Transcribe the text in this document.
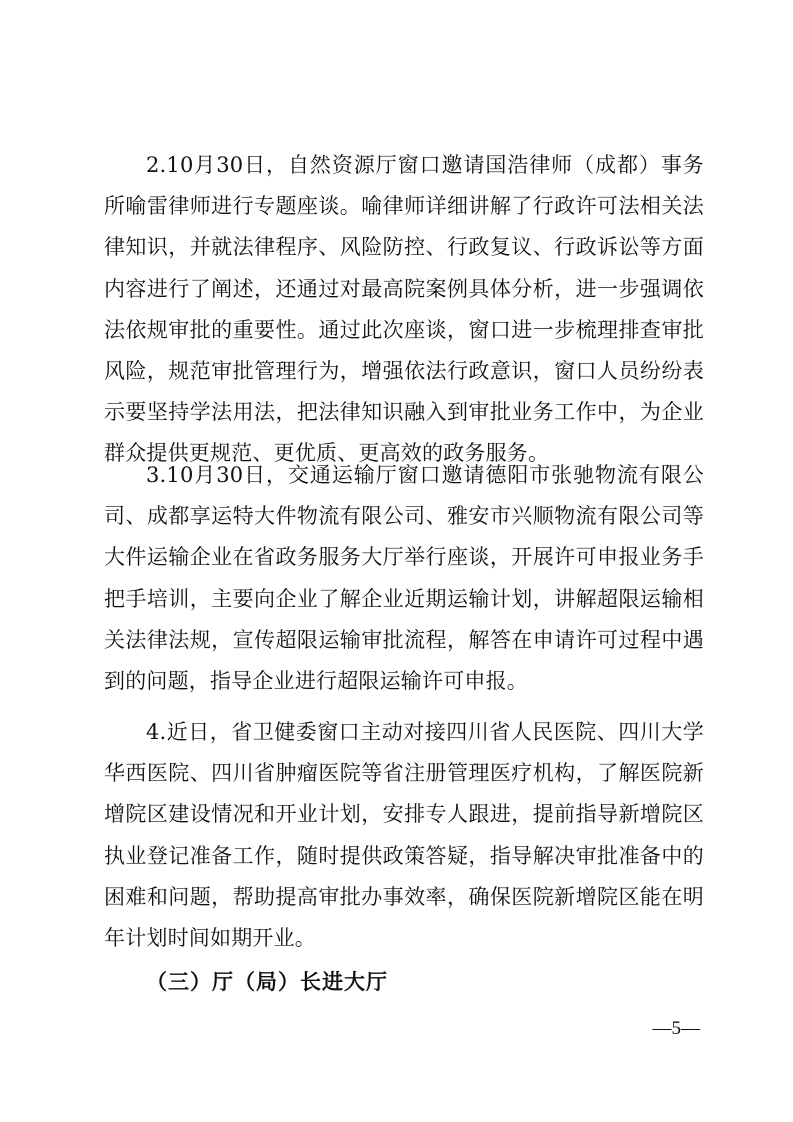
2.10月30日，自然资源厅窗口邀请国浩律师（成都）事务所喻雷律师进行专题座谈。喻律师详细讲解了行政许可法相关法律知识，并就法律程序、风险防控、行政复议、行政诉讼等方面内容进行了阐述，还通过对最高院案例具体分析，进一步强调依法依规审批的重要性。通过此次座谈，窗口进一步梳理排查审批风险，规范审批管理行为，增强依法行政意识，窗口人员纷纷表示要坚持学法用法，把法律知识融入到审批业务工作中，为企业群众提供更规范、更优质、更高效的政务服务。

3.10月30日，交通运输厅窗口邀请德阳市张驰物流有限公司、成都享运特大件物流有限公司、雅安市兴顺物流有限公司等大件运输企业在省政务服务大厅举行座谈，开展许可申报业务手把手培训，主要向企业了解企业近期运输计划，讲解超限运输相关法律法规，宣传超限运输审批流程，解答在申请许可过程中遇到的问题，指导企业进行超限运输许可申报。

4.近日，省卫健委窗口主动对接四川省人民医院、四川大学华西医院、四川省肿瘤医院等省注册管理医疗机构，了解医院新增院区建设情况和开业计划，安排专人跟进，提前指导新增院区执业登记准备工作，随时提供政策答疑，指导解决审批准备中的困难和问题，帮助提高审批办事效率，确保医院新增院区能在明年计划时间如期开业。

（三）厅（局）长进大厅

—5—
